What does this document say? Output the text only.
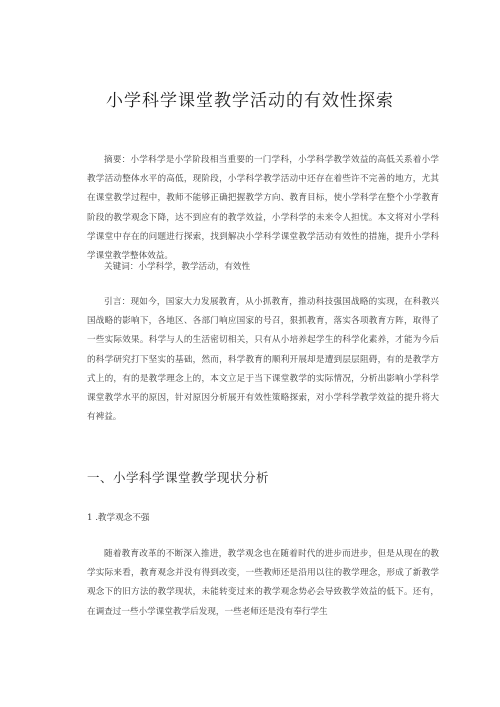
小学科学课堂教学活动的有效性探索

摘要：小学科学是小学阶段相当重要的一门学科，小学科学教学效益的高低关系着小学教学活动整体水平的高低，现阶段，小学科学教学活动中还存在着些许不完善的地方，尤其在课堂教学过程中，教师不能够正确把握教学方向、教育目标，使小学科学在整个小学教育阶段的教学观念下降，达不到应有的教学效益，小学科学的未来令人担忧。本文将对小学科学课堂中存在的问题进行探索，找到解决小学科学课堂教学活动有效性的措施，提升小学科学课堂教学整体效益。

关键词：小学科学，教学活动，有效性

引言：现如今，国家大力发展教育，从小抓教育，推动科技强国战略的实现，在科教兴国战略的影响下，各地区、各部门响应国家的号召，狠抓教育，落实各项教育方阵，取得了一些实际效果。科学与人的生活密切相关，只有从小培养起学生的科学化素养，才能为今后的科学研究打下坚实的基础，然而，科学教育的顺利开展却是遭到层层阻碍，有的是教学方式上的，有的是教学理念上的，本文立足于当下课堂教学的实际情况，分析出影响小学科学课堂教学水平的原因，针对原因分析展开有效性策略探索，对小学科学教学效益的提升将大有裨益。

一、小学科学课堂教学现状分析
1 .教学观念不强

随着教育改革的不断深入推进，教学观念也在随着时代的进步而进步，但是从现在的教学实际来看，教育观念并没有得到改变，一些教师还是沿用以往的教学理念，形成了新教学观念下的旧方法的教学现状，未能转变过来的教学观念势必会导致教学效益的低下。还有，在调查过一些小学课堂教学后发现，一些老师还是没有奉行学生
